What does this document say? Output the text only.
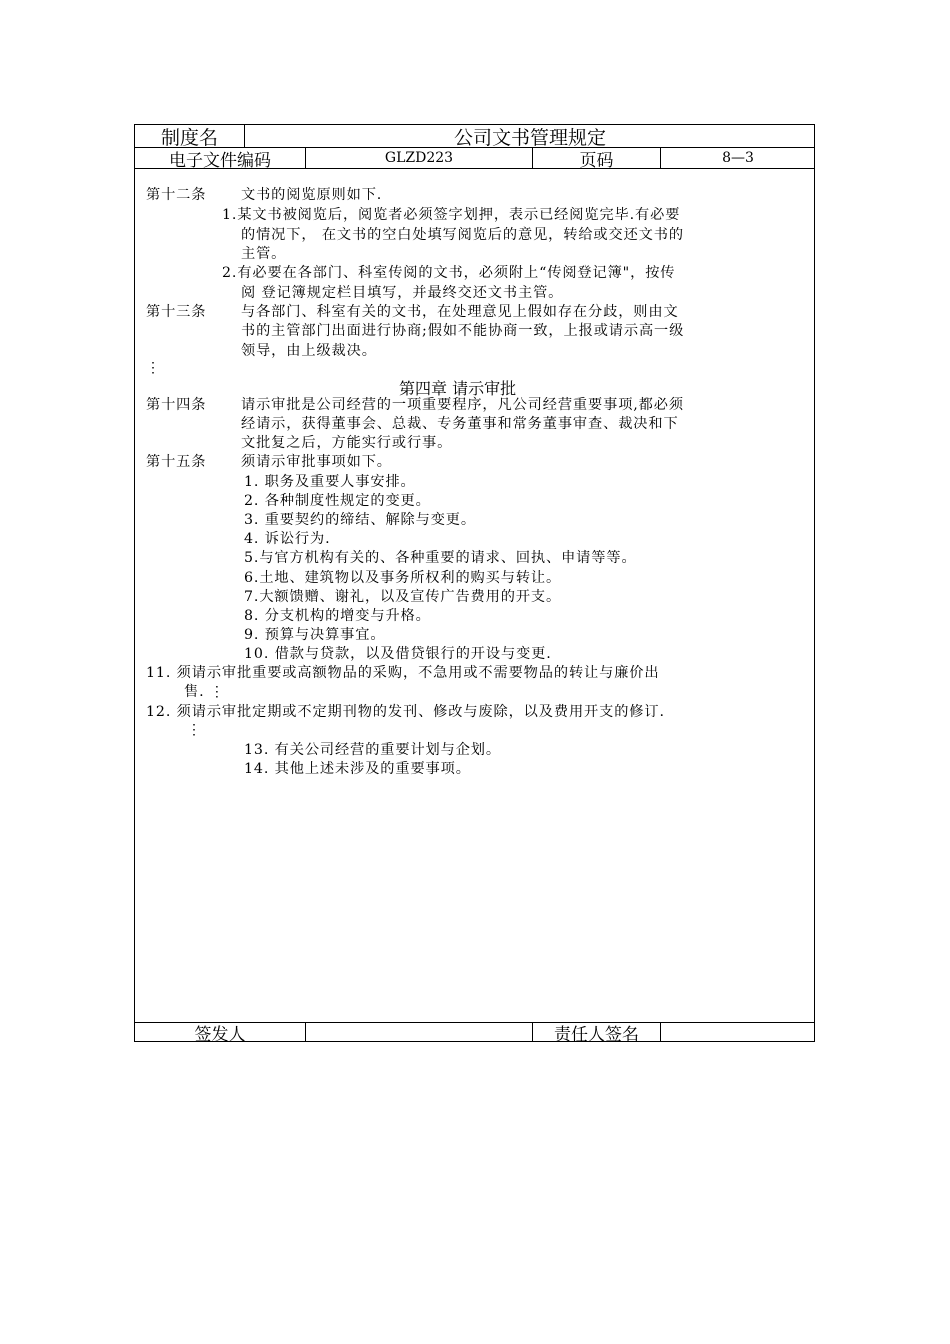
制度名	公司文书管理规定
电子文件编码	GLZD223	页码	8—3
签发人	责任人签名
第十二条 文书的阅览原则如下.
1.某文书被阅览后，阅览者必须签字划押，表示已经阅览完毕.有必要
的情况下， 在文书的空白处填写阅览后的意见，转给或交还文书的
主管。
2.有必要在各部门、科室传阅的文书，必须附上“传阅登记簿"，按传
阅 登记簿规定栏目填写，并最终交还文书主管。
第十三条 与各部门、科室有关的文书，在处理意见上假如存在分歧，则由文
书的主管部门出面进行协商;假如不能协商一致，上报或请示高一级
领导，由上级裁决。
⋮
第四章 请示审批
第十四条 请示审批是公司经营的一项重要程序，凡公司经营重要事项,都必须
经请示，获得董事会、总裁、专务董事和常务董事审查、裁决和下
文批复之后，方能实行或行事。
第十五条 须请示审批事项如下。
1. 职务及重要人事安排。
2. 各种制度性规定的变更。
3. 重要契约的缔结、解除与变更。
4. 诉讼行为.
5.与官方机构有关的、各种重要的请求、回执、申请等等。
6.土地、建筑物以及事务所权利的购买与转让。
7.大额馈赠、谢礼，以及宣传广告费用的开支。
8. 分支机构的增变与升格。
9. 预算与决算事宜。
10. 借款与贷款，以及借贷银行的开设与变更.
11. 须请示审批重要或高额物品的采购，不急用或不需要物品的转让与廉价出
售. ⋮
12. 须请示审批定期或不定期刊物的发刊、修改与废除，以及费用开支的修订.
⋮
13. 有关公司经营的重要计划与企划。
14. 其他上述未涉及的重要事项。
